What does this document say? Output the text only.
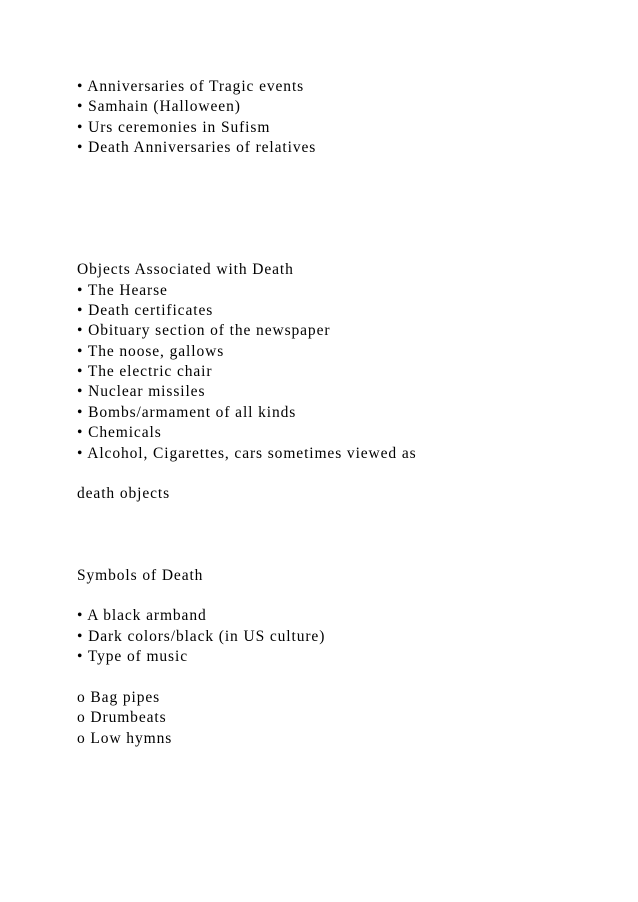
• Anniversaries of Tragic events
• Samhain (Halloween)
• Urs ceremonies in Sufism
• Death Anniversaries of relatives
Objects Associated with Death
• The Hearse
• Death certificates
• Obituary section of the newspaper
• The noose, gallows
• The electric chair
• Nuclear missiles
• Bombs/armament of all kinds
• Chemicals
• Alcohol, Cigarettes, cars sometimes viewed as
death objects
Symbols of Death
• A black armband
• Dark colors/black (in US culture)
• Type of music
o Bag pipes
o Drumbeats
o Low hymns
